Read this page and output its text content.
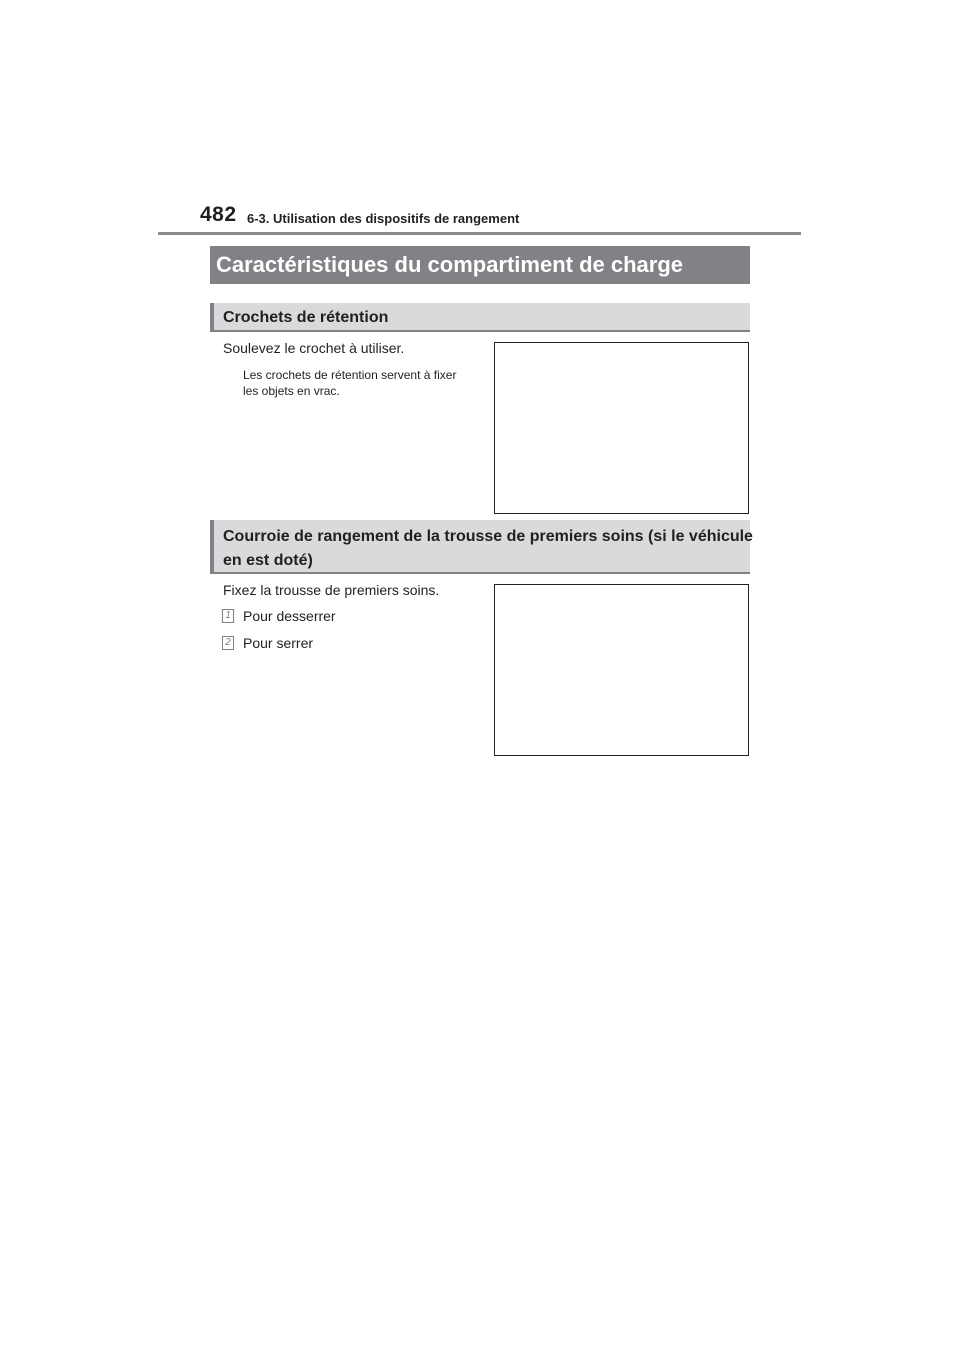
482 6-3. Utilisation des dispositifs de rangement
Caractéristiques du compartiment de charge
Crochets de rétention
Soulevez le crochet à utiliser.
Les crochets de rétention servent à fixer
les objets en vrac.
Courroie de rangement de la trousse de premiers soins (si le véhicule
en est doté)
Fixez la trousse de premiers soins.
1 Pour desserrer
2 Pour serrer
